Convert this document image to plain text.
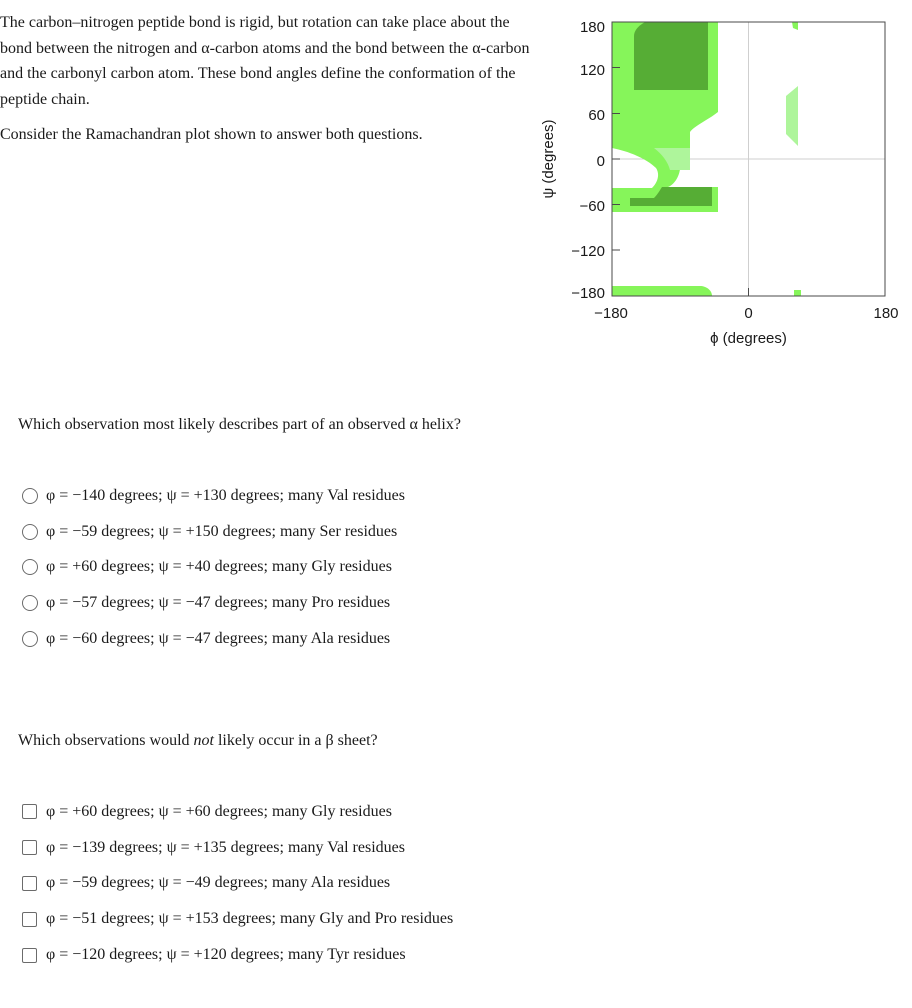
The carbon–nitrogen peptide bond is rigid, but rotation can take place about the bond between the nitrogen and α-carbon atoms and the bond between the α-carbon and the carbonyl carbon atom. These bond angles define the conformation of the peptide chain.

Consider the Ramachandran plot shown to answer both questions.

180
120
60
0
−60
−120
−180
−180	0	180
ϕ (degrees)
ψ (degrees)
Which observation most likely describes part of an observed α helix?
φ = −140 degrees; ψ = +130 degrees; many Val residues
φ = −59 degrees; ψ = +150 degrees; many Ser residues
φ = +60 degrees; ψ = +40 degrees; many Gly residues
φ = −57 degrees; ψ = −47 degrees; many Pro residues
φ = −60 degrees; ψ = −47 degrees; many Ala residues
Which observations would not likely occur in a β sheet?
φ = +60 degrees; ψ = +60 degrees; many Gly residues
φ = −139 degrees; ψ = +135 degrees; many Val residues
φ = −59 degrees; ψ = −49 degrees; many Ala residues
φ = −51 degrees; ψ = +153 degrees; many Gly and Pro residues
φ = −120 degrees; ψ = +120 degrees; many Tyr residues
